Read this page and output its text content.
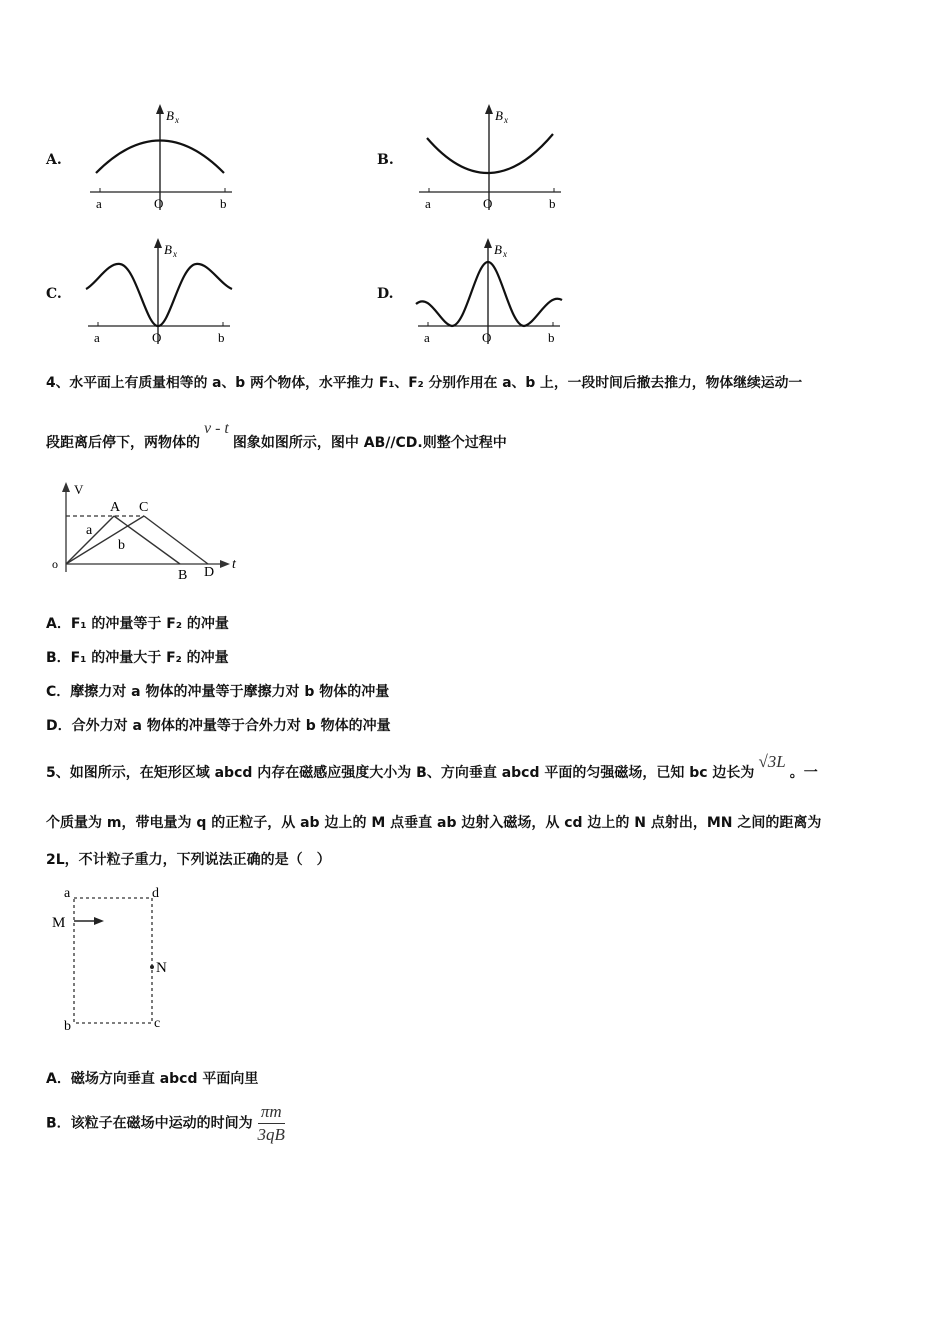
A.
B x
a	O	b
B.
B x
a	O	b
C.
B x
a	O	b
D.
B x
a	O	b
4、水平面上有质量相等的 a、b 两个物体，水平推力 F₁、F₂ 分别作用在 a、b 上，一段时间后撤去推力，物体继续运动一
段距离后停下，两物体的v - t图象如图所示，图中 AB//CD.则整个过程中
V
t
o
A C
B D
a
b
A．F₁ 的冲量等于 F₂ 的冲量
B．F₁ 的冲量大于 F₂ 的冲量
C．摩擦力对 a 物体的冲量等于摩擦力对 b 物体的冲量
D．合外力对 a 物体的冲量等于合外力对 b 物体的冲量
5、如图所示，在矩形区域 abcd 内存在磁感应强度大小为 B、方向垂直 abcd 平面的匀强磁场，已知 bc 边长为√3L。一
个质量为 m，带电量为 q 的正粒子，从 ab 边上的 M 点垂直 ab 边射入磁场，从 cd 边上的 N 点射出，MN 之间的距离为
2L，不计粒子重力，下列说法正确的是（　）
a	d
b	c
M
N
A．磁场方向垂直 abcd 平面向里
B．该粒子在磁场中运动的时间为 $\frac{\pi m}{3qB}$
